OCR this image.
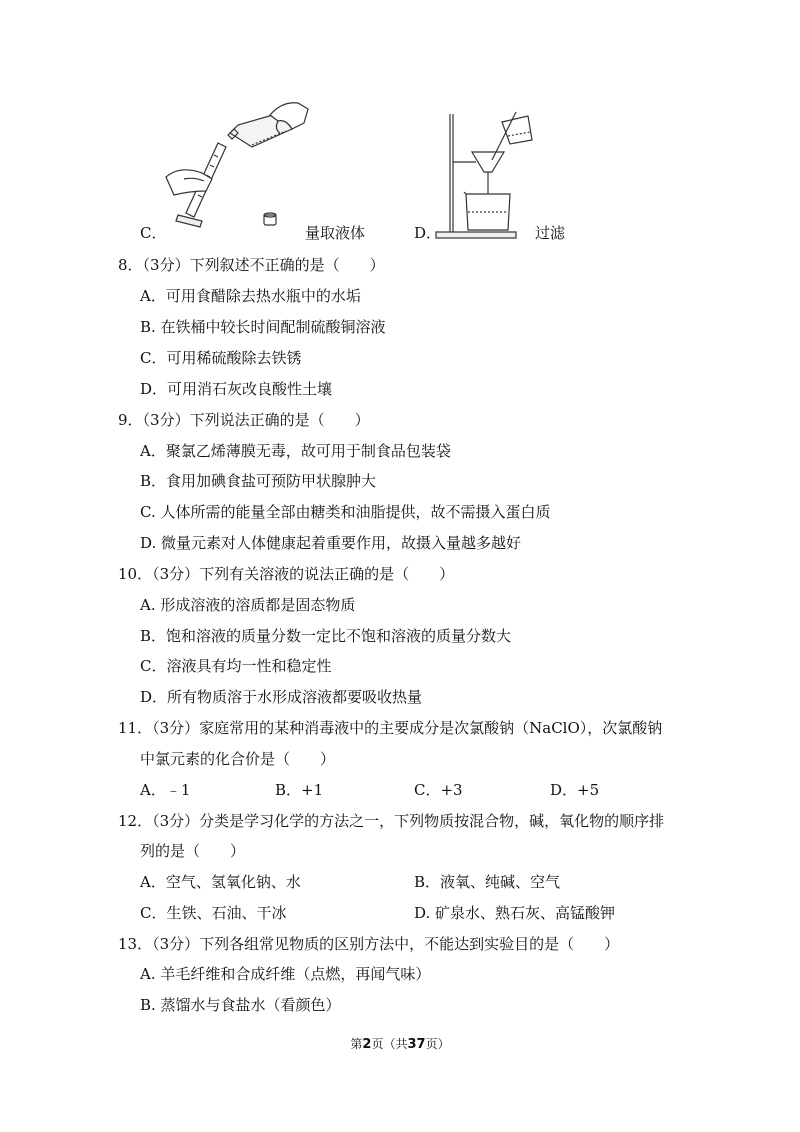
C．	量取液体	D．	过滤
8．（3分）下列叙述不正确的是（　　）
A．可用食醋除去热水瓶中的水垢
B. 在铁桶中较长时间配制硫酸铜溶液
C．可用稀硫酸除去铁锈
D．可用消石灰改良酸性土壤
9．（3分）下列说法正确的是（　　）
A．聚氯乙烯薄膜无毒，故可用于制食品包装袋
B．食用加碘食盐可预防甲状腺肿大
C. 人体所需的能量全部由糖类和油脂提供，故不需摄入蛋白质
D. 微量元素对人体健康起着重要作用，故摄入量越多越好
10．（3分）下列有关溶液的说法正确的是（　　）
A. 形成溶液的溶质都是固态物质
B．饱和溶液的质量分数一定比不饱和溶液的质量分数大
C．溶液具有均一性和稳定性
D．所有物质溶于水形成溶液都要吸收热量
11．（3分）家庭常用的某种消毒液中的主要成分是次氯酸钠（NaClO），次氯酸钠
中氯元素的化合价是（　　）
A．﹣1	B．+1	C．+3	D．+5
12．（3分）分类是学习化学的方法之一，下列物质按混合物，碱，氧化物的顺序排
列的是（　　）
A．空气、氢氧化钠、水	B．液氧、纯碱、空气
C．生铁、石油、干冰	D. 矿泉水、熟石灰、高锰酸钾
13．（3分）下列各组常见物质的区别方法中，不能达到实验目的是（　　）
A. 羊毛纤维和合成纤维（点燃，再闻气味）
B. 蒸馏水与食盐水（看颜色）
第2页（共37页）
